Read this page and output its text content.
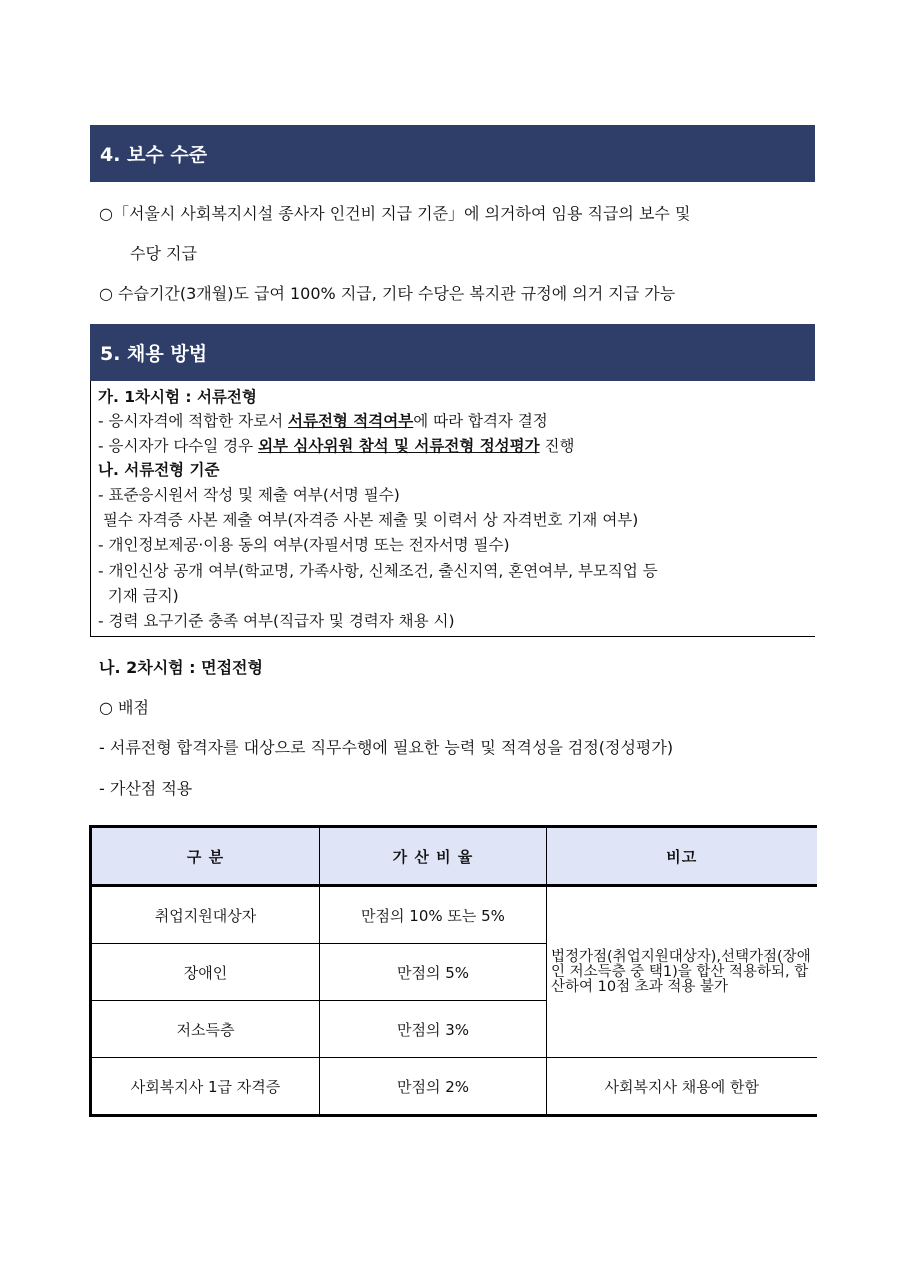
4. 보수 수준
○「서울시 사회복지시설 종사자 인건비 지급 기준」에 의거하여 임용 직급의 보수 및
수당 지급
○ 수습기간(3개월)도 급여 100% 지급, 기타 수당은 복지관 규정에 의거 지급 가능
5. 채용 방법
가. 1차시험 : 서류전형
- 응시자격에 적합한 자로서 서류전형 적격여부에 따라 합격자 결정
- 응시자가 다수일 경우 외부 심사위원 참석 및 서류전형 정성평가 진행
나. 서류전형 기준
- 표준응시원서 작성 및 제출 여부(서명 필수)
필수 자격증 사본 제출 여부(자격증 사본 제출 및 이력서 상 자격번호 기재 여부)
- 개인정보제공·이용 동의 여부(자필서명 또는 전자서명 필수)
- 개인신상 공개 여부(학교명, 가족사항, 신체조건, 출신지역, 혼연여부, 부모직업 등
기재 금지)
- 경력 요구기준 충족 여부(직급자 및 경력자 채용 시)
나. 2차시험 : 면접전형
○ 배점
- 서류전형 합격자를 대상으로 직무수행에 필요한 능력 및 적격성을 검정(정성평가)
- 가산점 적용
구 분	가 산 비 율	비고
취업지원대상자	만점의 10% 또는 5%	법정가점(취업지원대상자),선택가점(장애인 저소득층 중 택1)을 합산 적용하되, 합산하여 10점 초과 적용 불가
장애인	만점의 5%	
저소득층	만점의 3%	
사회복지사 1급 자격증	만점의 2%	사회복지사 채용에 한함
